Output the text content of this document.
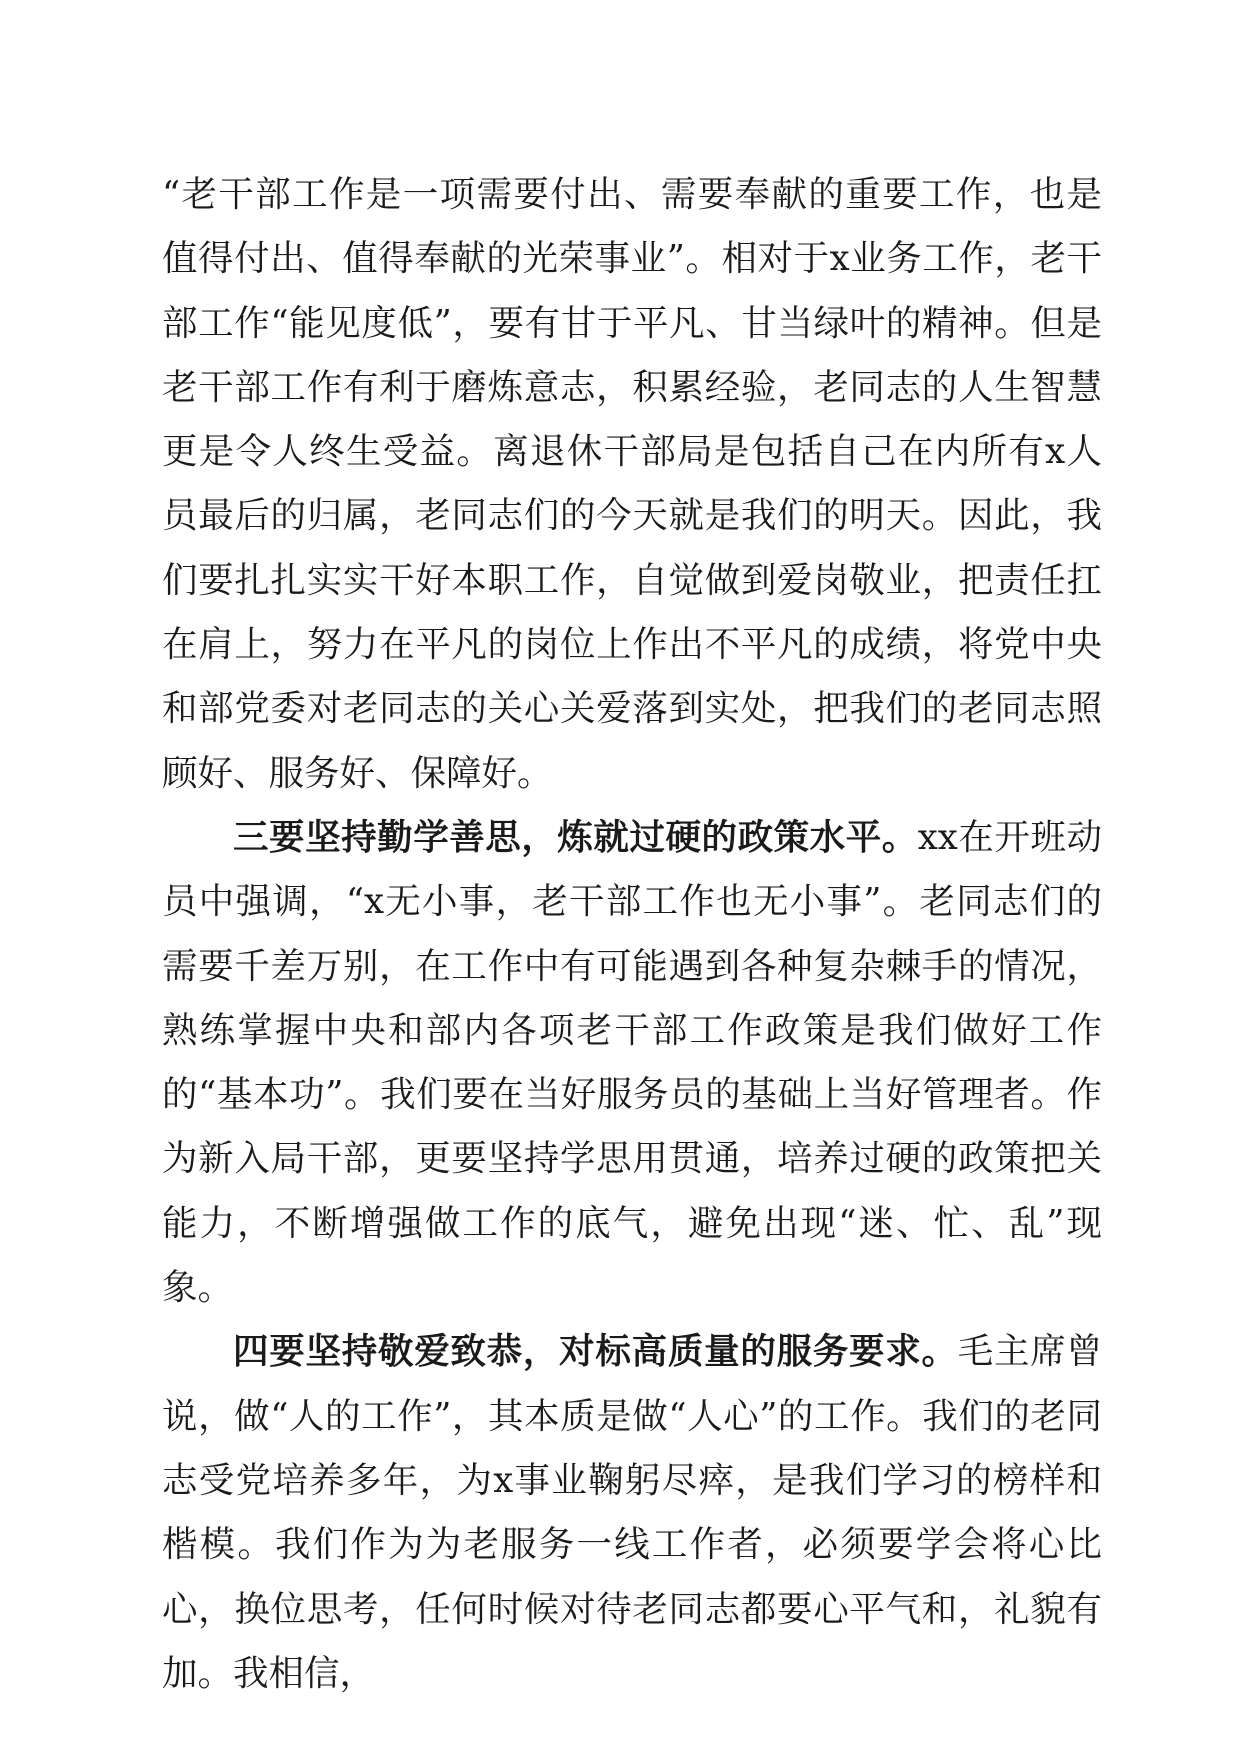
“老干部工作是一项需要付出、需要奉献的重要工作，也是值得付出、值得奉献的光荣事业”。相对于x业务工作，老干部工作“能见度低”，要有甘于平凡、甘当绿叶的精神。但是老干部工作有利于磨炼意志，积累经验，老同志的人生智慧更是令人终生受益。离退休干部局是包括自己在内所有x人员最后的归属，老同志们的今天就是我们的明天。因此，我们要扎扎实实干好本职工作，自觉做到爱岗敬业，把责任扛在肩上，努力在平凡的岗位上作出不平凡的成绩，将党中央和部党委对老同志的关心关爱落到实处，把我们的老同志照顾好、服务好、保障好。

三要坚持勤学善思，炼就过硬的政策水平。xx在开班动员中强调，“x无小事，老干部工作也无小事”。老同志们的需要千差万别，在工作中有可能遇到各种复杂棘手的情况，熟练掌握中央和部内各项老干部工作政策是我们做好工作的“基本功”。我们要在当好服务员的基础上当好管理者。作为新入局干部，更要坚持学思用贯通，培养过硬的政策把关能力，不断增强做工作的底气，避免出现“迷、忙、乱”现象。

四要坚持敬爱致恭，对标高质量的服务要求。毛主席曾说，做“人的工作”，其本质是做“人心”的工作。我们的老同志受党培养多年，为x事业鞠躬尽瘁，是我们学习的榜样和楷模。我们作为为老服务一线工作者，必须要学会将心比心，换位思考，任何时候对待老同志都要心平气和，礼貌有加。我相信，
